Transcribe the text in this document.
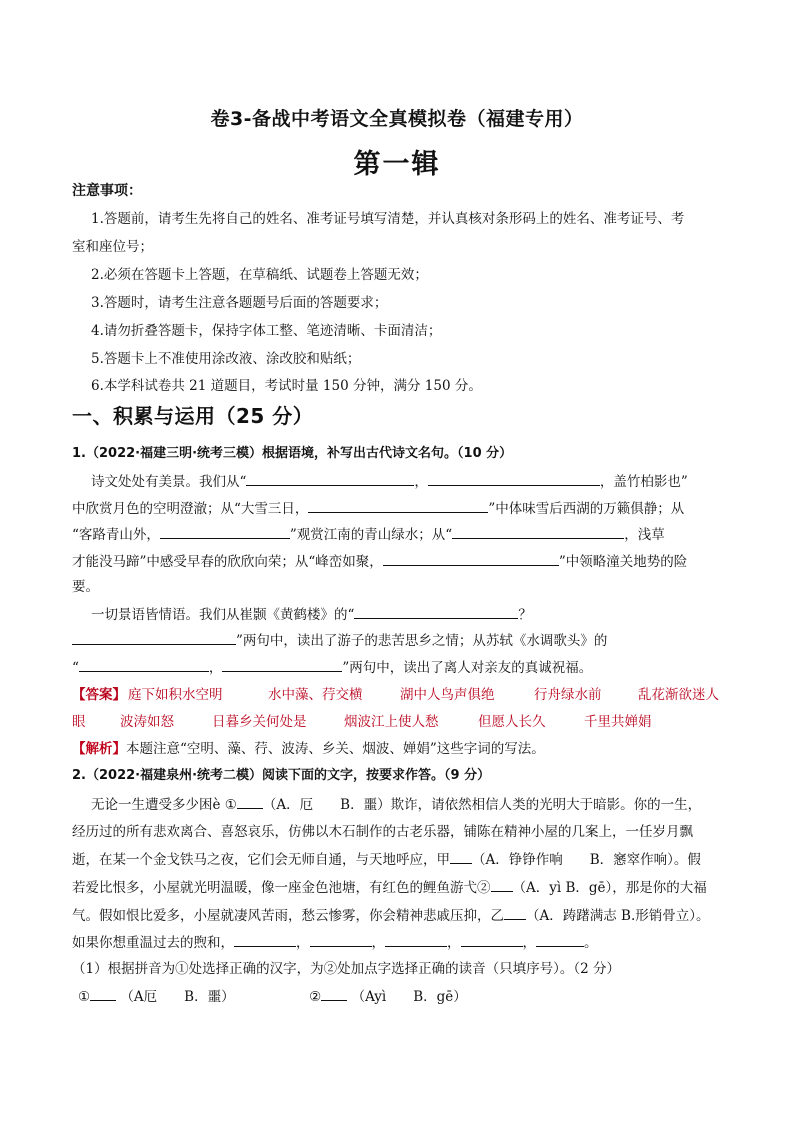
卷3-备战中考语文全真模拟卷（福建专用）
第一辑
注意事项：
1.答题前，请考生先将自己的姓名、准考证号填写清楚，并认真核对条形码上的姓名、准考证号、考
室和座位号；
2.必须在答题卡上答题，在草稿纸、试题卷上答题无效；
3.答题时，请考生注意各题题号后面的答题要求；
4.请勿折叠答题卡，保持字体工整、笔迹清晰、卡面清洁；
5.答题卡上不准使用涂改液、涂改胶和贴纸；
6.本学科试卷共 21 道题目，考试时量 150 分钟，满分 150 分。
一、积累与运用（25 分）
1.（2022·福建三明·统考三模）根据语境，补写出古代诗文名句。（10 分）
诗文处处有美景。我们从“	，	，盖竹柏影也”
中欣赏月色的空明澄澈；从“大雪三日，	”中体味雪后西湖的万籁俱静；从
“客路青山外，	”观赏江南的青山绿水；从“	，浅草
才能没马蹄”中感受早春的欣欣向荣；从“峰峦如聚，	”中领略潼关地势的险
要。
一切景语皆情语。我们从崔颢《黄鹤楼》的“	？
”两句中，读出了游子的悲苦思乡之情；从苏轼《水调歌头》的
“	，	”两句中，读出了离人对亲友的真诚祝福。
【答案】 庭下如积水空明	水中藻、荇交横	湖中人鸟声俱绝	行舟绿水前	乱花渐欲迷人
眼	波涛如怒	日暮乡关何处是	烟波江上使人愁	但愿人长久	千里共婵娟
【解析】本题注意“空明、藻、荇、波涛、乡关、烟波、婵娟”这些字词的写法。
2.（2022·福建泉州·统考二模）阅读下面的文字，按要求作答。（9 分）
无论一生遭受多少困è ① （A．厄　　B．噩）欺诈，请依然相信人类的光明大于暗影。你的一生，
经历过的所有悲欢离合、喜怒哀乐，仿佛以木石制作的古老乐器，铺陈在精神小屋的几案上，一任岁月飘
逝，在某一个金戈铁马之夜，它们会无师自通，与天地呼应，甲 （A．铮铮作响　　B．窸窣作响）。假
若爱比恨多，小屋就光明温暖，像一座金色池塘，有红色的鲤鱼游弋② （A．yì B．gē），那是你的大福
气。假如恨比爱多，小屋就凄风苦雨，愁云惨雾，你会精神悲戚压抑，乙 （A．踌躇满志 B.形销骨立）。
如果你想重温过去的煦和，	，	，	，	，	。
（1）根据拼音为①处选择正确的汉字，为②处加点字选择正确的读音（只填序号）。（2 分）
① （A厄　　B．噩）	② （Ayì　　B．gē）
